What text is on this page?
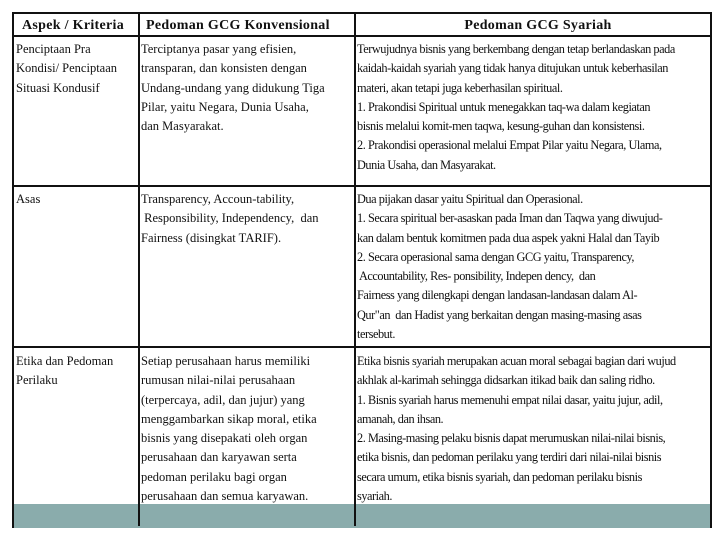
Aspek / Kriteria Pedoman GCG Konvensional	Pedoman GCG Syariah
Penciptaan Pra
Kondisi/ Penciptaan
Situasi Kondusif
Terciptanya pasar yang efisien,
transparan, dan konsisten dengan
Undang-undang yang didukung Tiga
Pilar, yaitu Negara, Dunia Usaha,
dan Masyarakat.
Terwujudnya bisnis yang berkembang dengan tetap berlandaskan pada
kaidah-kaidah syariah yang tidak hanya ditujukan untuk keberhasilan
materi, akan tetapi juga keberhasilan spiritual.
1. Prakondisi Spiritual untuk menegakkan taq-wa dalam kegiatan
bisnis melalui komit-men taqwa, kesung-guhan dan konsistensi.
2. Prakondisi operasional melalui Empat Pilar yaitu Negara, Ulama,
Dunia Usaha, dan Masyarakat.
Asas	Transparency, Accoun-tability,
Responsibility, Independency,  dan
Fairness (disingkat TARIF).
Dua pijakan dasar yaitu Spiritual dan Operasional.
1. Secara spiritual ber-asaskan pada Iman dan Taqwa yang diwujud-
kan dalam bentuk komitmen pada dua aspek yakni Halal dan Tayib
2. Secara operasional sama dengan GCG yaitu, Transparency,
Accountability, Res- ponsibility, Indepen dency,  dan
Fairness yang dilengkapi dengan landasan-landasan dalam Al-
Qur"an  dan Hadist yang berkaitan dengan masing-masing asas
tersebut.
Etika dan Pedoman
Perilaku
Setiap perusahaan harus memiliki
rumusan nilai-nilai perusahaan
(terpercaya, adil, dan jujur) yang
menggambarkan sikap moral, etika
bisnis yang disepakati oleh organ
perusahaan dan karyawan serta
pedoman perilaku bagi organ
perusahaan dan semua karyawan.
Etika bisnis syariah merupakan acuan moral sebagai bagian dari wujud
akhlak al-karimah sehingga didsarkan itikad baik dan saling ridho.
1. Bisnis syariah harus memenuhi empat nilai dasar, yaitu jujur, adil,
amanah, dan ihsan.
2. Masing-masing pelaku bisnis dapat merumuskan nilai-nilai bisnis,
etika bisnis, dan pedoman perilaku yang terdiri dari nilai-nilai bisnis
secara umum, etika bisnis syariah, dan pedoman perilaku bisnis
syariah.
